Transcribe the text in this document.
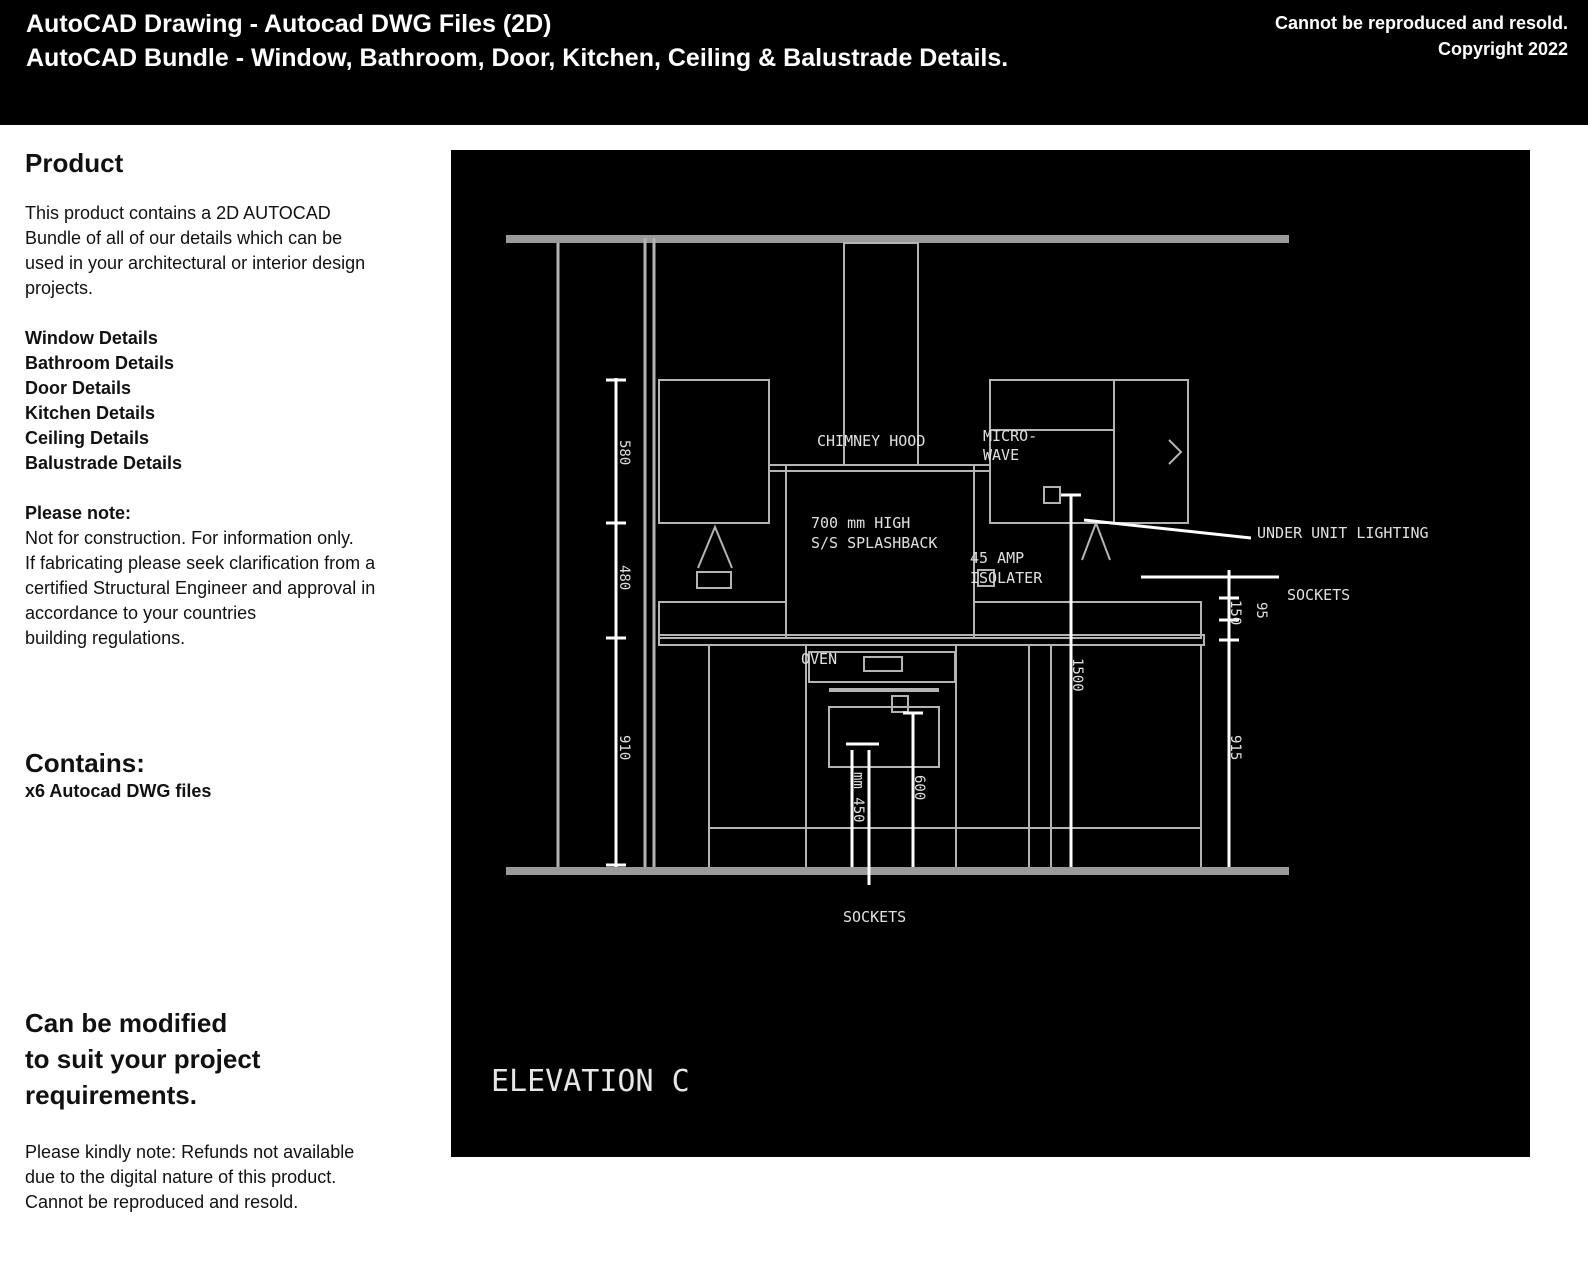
AutoCAD Drawing - Autocad DWG Files (2D)
AutoCAD Bundle - Window, Bathroom, Door, Kitchen, Ceiling & Balustrade Details.
Cannot be reproduced and resold.
Copyright 2022
Product

This product contains a 2D AUTOCAD
Bundle of all of our details which can be
used in your architectural or interior design
projects.

Window Details
Bathroom Details
Door Details
Kitchen Details
Ceiling Details
Balustrade Details

Please note:

Not for construction. For information only.
If fabricating please seek clarification from a
certified Structural Engineer and approval in
accordance to your countries
building regulations.

Contains:

x6 Autocad DWG files

Can be modified
to suit your project
requirements.

Please kindly note: Refunds not available
due to the digital nature of this product.
Cannot be reproduced and resold.

CHIMNEY HOOD	MICRO-
WAVE
700 mm HIGH
S/S SPLASHBACK
45 AMP
ISOLATER
UNDER UNIT LIGHTING
SOCKETS
OVEN
SOCKETS
580
480
910
1500
150 95
915
mm 450	600
ELEVATION C
